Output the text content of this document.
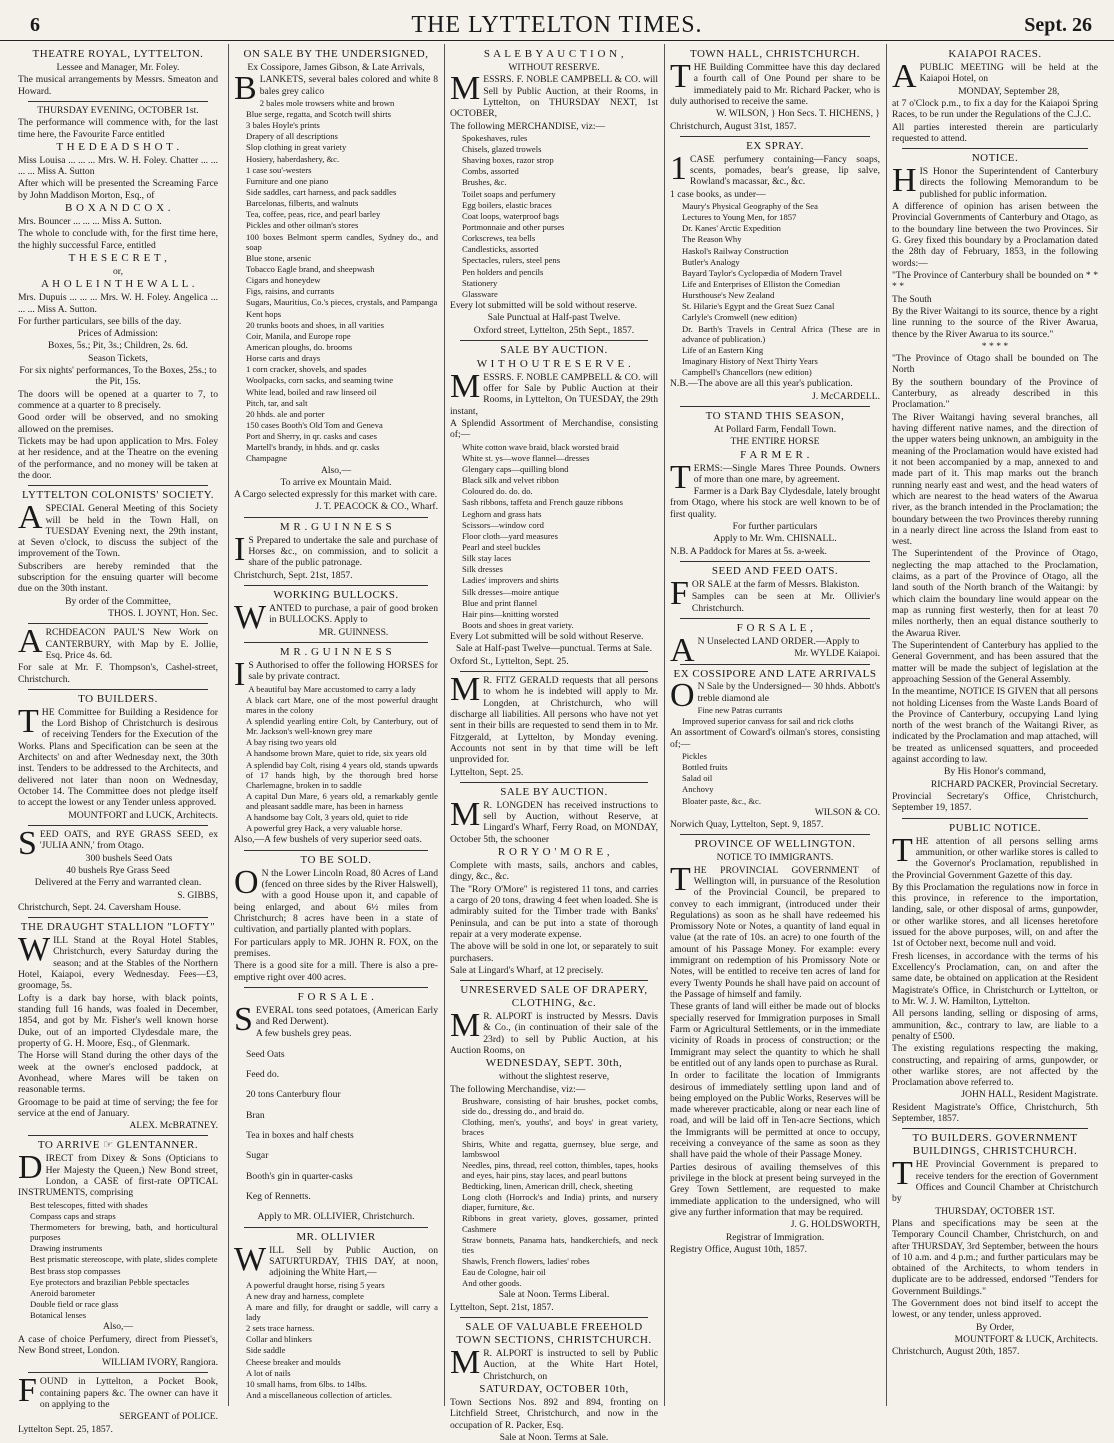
6	THE LYTTELTON TIMES.	Sept. 26

THEATRE ROYAL, LYTTELTON.

Lessee and Manager, Mr. Foley.

The musical arrangements by Messrs. Smeaton and Howard.

THURSDAY EVENING, OCTOBER 1st.

The performance will commence with, for the last time here, the Favourite Farce entitled

T H E D E A D S H O T .

Miss Louisa ... ... ... Mrs. W. H. Foley. Chatter ... ... ... ... Miss A. Sutton

After which will be presented the Screaming Farce by John Maddison Morton, Esq., of

B O X A N D C O X .

Mrs. Bouncer ... ... ... Miss A. Sutton.

The whole to conclude with, for the first time here, the highly successful Farce, entitled

T H E S E C R E T ,

or,

A H O L E I N T H E W A L L .

Mrs. Dupuis ... ... ... Mrs. W. H. Foley. Angelica ... ... ... Miss A. Sutton.

For further particulars, see bills of the day.

Prices of Admission:

Boxes, 5s.; Pit, 3s.; Children, 2s. 6d.

Season Tickets,

For six nights' performances, To the Boxes, 25s.; to the Pit, 15s.

The doors will be opened at a quarter to 7, to commence at a quarter to 8 precisely.

Good order will be observed, and no smoking allowed on the premises.

Tickets may be had upon application to Mrs. Foley at her residence, and at the Theatre on the evening of the performance, and no money will be taken at the door.

LYTTELTON COLONISTS' SOCIETY.

ASPECIAL General Meeting of this Society will be held in the Town Hall, on TUESDAY Evening next, the 29th instant, at Seven o'clock, to discuss the subject of the improvement of the Town.

Subscribers are hereby reminded that the subscription for the ensuing quarter will become due on the 30th instant.

By order of the Committee,

THOS. I. JOYNT, Hon. Sec.

ARCHDEACON PAUL'S New Work on CANTERBURY, with Map by E. Jollie, Esq. Price 4s. 6d.

For sale at Mr. F. Thompson's, Cashel-street, Christchurch.

TO BUILDERS.

THE Committee for Building a Residence for the Lord Bishop of Christchurch is desirous of receiving Tenders for the Execution of the Works. Plans and Specification can be seen at the Architects' on and after Wednesday next, the 30th inst. Tenders to be addressed to the Architects, and delivered not later than noon on Wednesday, October 14. The Committee does not pledge itself to accept the lowest or any Tender unless approved.

MOUNTFORT and LUCK, Architects.

SEED OATS, and RYE GRASS SEED, ex 'JULIA ANN,' from Otago.

300 bushels Seed Oats

40 bushels Rye Grass Seed

Delivered at the Ferry and warranted clean.

S. GIBBS,

Christchurch, Sept. 24. Caversham House.

THE DRAUGHT STALLION "LOFTY"

WILL Stand at the Royal Hotel Stables, Christchurch, every Saturday during the season; and at the Stables of the Northern Hotel, Kaiapoi, every Wednesday. Fees—£3, groomage, 5s.

Lofty is a dark bay horse, with black points, standing full 16 hands, was foaled in December, 1854, and got by Mr. Fisher's well known horse Duke, out of an imported Clydesdale mare, the property of G. H. Moore, Esq., of Glenmark.

The Horse will Stand during the other days of the week at the owner's enclosed paddock, at Avonhead, where Mares will be taken on reasonable terms.

Groomage to be paid at time of serving; the fee for service at the end of January.

ALEX. McBRATNEY.

TO ARRIVE ☞ GLENTANNER.

DIRECT from Dixey & Sons (Opticians to Her Majesty the Queen,) New Bond street, London, a CASE of first-rate OPTICAL INSTRUMENTS, comprising

Best telescopes, fitted with shades

Compass caps and straps

Thermometers for brewing, bath, and horticultural purposes

Drawing instruments

Best prismatic stereoscope, with plate, slides complete

Best brass stop compasses

Eye protectors and brazilian Pebble spectacles

Aneroid barometer

Double field or race glass

Botanical lenses

Also,—

A case of choice Perfumery, direct from Piesset's, New Bond street, London.

WILLIAM IVORY, Rangiora.

FOUND in Lyttelton, a Pocket Book, containing papers &c. The owner can have it on applying to the

SERGEANT of POLICE.

Lyttelton Sept. 25, 1857.

ON SALE BY THE UNDERSIGNED,

Ex Cossipore, James Gibson, & Late Arrivals,

BLANKETS, several bales colored and white 8 bales grey calico

2 bales mole trowsers white and brown

Blue serge, regatta, and Scotch twill shirts

3 bales Hoyle's prints

Drapery of all descriptions

Slop clothing in great variety

Hosiery, haberdashery, &c.

1 case sou'-westers

Furniture and one piano

Side saddles, cart harness, and pack saddles

Barcelonas, filberts, and walnuts

Tea, coffee, peas, rice, and pearl barley

Pickles and other oilman's stores

100 boxes Belmont sperm candles, Sydney do., and soap

Blue stone, arsenic

Tobacco Eagle brand, and sheepwash

Cigars and honeydew

Figs, raisins, and currants

Sugars, Mauritius, Co.'s pieces, crystals, and Pampanga

Kent hops

20 trunks boots and shoes, in all varities

Coir, Manila, and Europe rope

American ploughs, do. brooms

Horse carts and drays

1 corn cracker, shovels, and spades

Woolpacks, corn sacks, and seaming twine

White lead, boiled and raw linseed oil

Pitch, tar, and salt

20 hhds. ale and porter

150 cases Booth's Old Tom and Geneva

Port and Sherry, in qr. casks and cases

Martell's brandy, in hhds. and qr. casks

Champagne

Also,—

To arrive ex Mountain Maid.

A Cargo selected expressly for this market with care.

J. T. PEACOCK & CO., Wharf.

M R . G U I N N E S S

I S Prepared to undertake the sale and purchase of Horses &c., on commission, and to solicit a share of the public patronage.

Christchurch, Sept. 21st, 1857.

WORKING BULLOCKS.

WANTED to purchase, a pair of good broken in BULLOCKS. Apply to

MR. GUINNESS.

M R . G U I N N E S S

I S Authorised to offer the following HORSES for sale by private contract.

A beautiful bay Mare accustomed to carry a lady

A black cart Mare, one of the most powerful draught mares in the colony

A splendid yearling entire Colt, by Canterbury, out of Mr. Jackson's well-known grey mare

A bay rising two years old

A handsome brown Mare, quiet to ride, six years old

A splendid bay Colt, rising 4 years old, stands upwards of 17 hands high, by the thorough bred horse Charlemagne, broken in to saddle

A capital Dun Mare, 6 years old, a remarkably gentle and pleasant saddle mare, has been in harness

A handsome bay Colt, 3 years old, quiet to ride

A powerful grey Hack, a very valuable horse.

Also,—A few bushels of very superior seed oats.

TO BE SOLD.

O N the Lower Lincoln Road, 80 Acres of Land (fenced on three sides by the River Halswell), with a good House upon it, and capable of being enlarged, and about 6½ miles from Christchurch; 8 acres have been in a state of cultivation, and partially planted with poplars.

For particulars apply to MR. JOHN R. FOX, on the premises.

There is a good site for a mill. There is also a pre-emptive right over 400 acres.

F O R S A L E .

SEVERAL tons seed potatoes, (American Early and Red Derwent).

A few bushels grey peas.

Seed Oats

Feed do.

20 tons Canterbury flour

Bran

Tea in boxes and half chests

Sugar

Booth's gin in quarter-casks

Keg of Rennetts.

Apply to MR. OLLIVIER, Christchurch.

MR. OLLIVIER

WILL Sell by Public Auction, on SATURTURDAY, THIS DAY, at noon, adjoining the White Hart,—

A powerful draught horse, rising 5 years

A new dray and harness, complete

A mare and filly, for draught or saddle, will carry a lady

2 sets trace harness.

Collar and blinkers

Side saddle

Cheese breaker and moulds

A lot of nails

10 small hams, from 6lbs. to 14lbs.

And a miscellaneous collection of articles.

S A L E B Y A U C T I O N ,

WITHOUT RESERVE.

MESSRS. F. NOBLE CAMPBELL & CO. will Sell by Public Auction, at their Rooms, in Lyttelton, on THURSDAY NEXT, 1st OCTOBER,

The following MERCHANDISE, viz:—

Spokeshaves, rules

Chisels, glazed trowels

Shaving boxes, razor strop

Combs, assorted

Brushes, &c.

Toilet soaps and perfumery

Egg boilers, elastic braces

Coat loops, waterproof bags

Portmonnaie and other purses

Corkscrews, tea bells

Candlesticks, assorted

Spectacles, rulers, steel pens

Pen holders and pencils

Stationery

Glassware

Every lot submitted will be sold without reserve.

Sale Punctual at Half-past Twelve.

Oxford street, Lyttelton, 25th Sept., 1857.

SALE BY AUCTION.

W I T H O U T R E S E R V E .

MESSRS. F. NOBLE CAMPBELL & CO. will offer for Sale by Public Auction at their Rooms, in Lyttelton, On TUESDAY, the 29th instant,

A Splendid Assortment of Merchandise, consisting of;—

White cotton wave braid, black worsted braid

White st. ys—wove flannel—dresses

Glengary caps—quilling blond

Black silk and velvet ribbon

Coloured do. do. do.

Sash ribbons, taffeta and French gauze ribbons

Leghorn and grass hats

Scissors—window cord

Floor cloth—yard measures

Pearl and steel buckles

Silk stay laces

Silk dresses

Ladies' improvers and shirts

Silk dresses—moire antique

Blue and print flannel

Hair pins—knitting worsted

Boots and shoes in great variety.

Every Lot submitted will be sold without Reserve.

Sale at Half-past Twelve—punctual. Terms at Sale.

Oxford St., Lyttelton, Sept. 25.

M R. FITZ GERALD requests that all persons to whom he is indebted will apply to Mr. Longden, at Christchurch, who will discharge all liabilities. All persons who have not yet sent in their bills are requested to send them in to Mr. Fitzgerald, at Lyttelton, by Monday evening. Accounts not sent in by that time will be left unprovided for.

Lyttelton, Sept. 25.

SALE BY AUCTION.

M R. LONGDEN has received instructions to sell by Auction, without Reserve, at Lingard's Wharf, Ferry Road, on MONDAY, October 5th, the schooner

R O R Y O ' M O R E ,

Complete with masts, sails, anchors and cables, dingy, &c., &c.

The "Rory O'More" is registered 11 tons, and carries a cargo of 20 tons, drawing 4 feet when loaded. She is admirably suited for the Timber trade with Banks' Peninsula, and can be put into a state of thorough repair at a very moderate expense.

The above will be sold in one lot, or separately to suit purchasers.

Sale at Lingard's Wharf, at 12 precisely.

UNRESERVED SALE OF DRAPERY, CLOTHING, &c.

M R. ALPORT is instructed by Messrs. Davis & Co., (in continuation of their sale of the 23rd) to sell by Public Auction, at his Auction Rooms, on

WEDNESDAY, SEPT. 30th,

without the slightest reserve,

The following Merchandise, viz:—

Brushware, consisting of hair brushes, pocket combs, side do., dressing do., and braid do.

Clothing, men's, youths', and boys' in great variety, braces

Shirts, White and regatta, guernsey, blue serge, and lambswool

Needles, pins, thread, reel cotton, thimbles, tapes, hooks and eyes, hair pins, stay laces, and pearl buttons

Bedticking, linen, American drill, check, sheeting

Long cloth (Horrock's and India) prints, and nursery diaper, furniture, &c.

Ribbons in great variety, gloves, gossamer, printed Cashmere

Straw bonnets, Panama hats, handkerchiefs, and neck ties

Shawls, French flowers, ladies' robes

Eau de Cologne, hair oil

And other goods.

Sale at Noon. Terms Liberal.

Lyttelton, Sept. 21st, 1857.

SALE OF VALUABLE FREEHOLD TOWN SECTIONS, CHRISTCHURCH.

M R. ALPORT is instructed to sell by Public Auction, at the White Hart Hotel, Christchurch, on

SATURDAY, OCTOBER 10th,

Town Sections Nos. 892 and 894, fronting on Litchfield Street, Christchurch, and now in the occupation of R. Packer, Esq.

Sale at Noon. Terms at Sale.

TOWN HALL, CHRISTCHURCH.

THE Building Committee have this day declared a fourth call of One Pound per share to be immediately paid to Mr. Richard Packer, who is duly authorised to receive the same.

W. WILSON, } Hon Secs. T. HICHENS, }

Christchurch, August 31st, 1857.

EX SPRAY.

1 CASE perfumery containing—Fancy soaps, scents, pomades, bear's grease, lip salve, Rowland's macassar, &c., &c.

1 case books, as under—

Maury's Physical Geography of the Sea

Lectures to Young Men, for 1857

Dr. Kanes' Arctic Expedition

The Reason Why

Haskol's Railway Construction

Butler's Analogy

Bayard Taylor's Cyclopædia of Modern Travel

Life and Enterprises of Elliston the Comedian

Hursthouse's New Zealand

St. Hilarie's Egypt and the Great Suez Canal

Carlyle's Cromwell (new edition)

Dr. Barth's Travels in Central Africa (These are in advance of publication.)

Life of an Eastern King

Imaginary History of Next Thirty Years

Campbell's Chancellors (new edition)

N.B.—The above are all this year's publication.

J. McCARDELL.

TO STAND THIS SEASON,

At Pollard Farm, Fendall Town.

THE ENTIRE HORSE

F A R M E R .

TERMS:—Single Mares Three Pounds. Owners of more than one mare, by agreement.

Farmer is a Dark Bay Clydesdale, lately brought from Otago, where his stock are well known to be of first quality.

For further particulars

Apply to Mr. Wm. CHISNALL.

N.B. A Paddock for Mares at 5s. a-week.

SEED AND FEED OATS.

FOR SALE at the farm of Messrs. Blakiston.

Samples can be seen at Mr. Ollivier's Christchurch.

F O R S A L E ,

A N Unselected LAND ORDER.—Apply to

Mr. WYLDE Kaiapoi.

EX COSSIPORE AND LATE ARRIVALS

O N Sale by the Undersigned— 30 hhds. Abbott's treble diamond ale

Fine new Patras currants

Improved superior canvass for sail and rick cloths

An assortment of Coward's oilman's stores, consisting of;—

Pickles

Bottled fruits

Salad oil

Anchovy

Bloater paste, &c., &c.

WILSON & CO.

Norwich Quay, Lyttelton, Sept. 9, 1857.

PROVINCE OF WELLINGTON.

NOTICE TO IMMIGRANTS.

THE PROVINCIAL GOVERNMENT of Wellington will, in pursuance of the Resolution of the Provincial Council, be prepared to convey to each immigrant, (introduced under their Regulations) as soon as he shall have redeemed his Promissory Note or Notes, a quantity of land equal in value (at the rate of 10s. an acre) to one fourth of the amount of his Passage Money. For example: every immigrant on redemption of his Promissory Note or Notes, will be entitled to receive ten acres of land for every Twenty Pounds he shall have paid on account of the Passage of himself and family.

These grants of land will either be made out of blocks specially reserved for Immigration purposes in Small Farm or Agricultural Settlements, or in the immediate vicinity of Roads in process of construction; or the Immigrant may select the quantity to which he shall be entitled out of any lands open to purchase as Rural.

In order to facilitate the location of Immigrants desirous of immediately settling upon land and of being employed on the Public Works, Reserves will be made wherever practicable, along or near each line of road, and will be laid off in Ten-acre Sections, which the Immigrants will be permitted at once to occupy, receiving a conveyance of the same as soon as they shall have paid the whole of their Passage Money.

Parties desirous of availing themselves of this privilege in the block at present being surveyed in the Grey Town Settlement, are requested to make immediate application to the undersigned, who will give any further information that may be required.

J. G. HOLDSWORTH,

Registrar of Immigration.

Registry Office, August 10th, 1857.

KAIAPOI RACES.

APUBLIC MEETING will be held at the Kaiapoi Hotel, on

MONDAY, September 28,

at 7 o'Clock p.m., to fix a day for the Kaiapoi Spring Races, to be run under the Regulations of the C.J.C.

All parties interested therein are particularly requested to attend.

NOTICE.

HIS Honor the Superintendent of Canterbury directs the following Memorandum to be published for public information.

A difference of opinion has arisen between the Provincial Governments of Canterbury and Otago, as to the boundary line between the two Provinces. Sir G. Grey fixed this boundary by a Proclamation dated the 28th day of February, 1853, in the following words:—

"The Province of Canterbury shall be bounded on * * * *

The South

By the River Waitangi to its source, thence by a right line running to the source of the River Awarua, thence by the River Awarua to its source."

* * * *

"The Province of Otago shall be bounded on The North

By the southern boundary of the Province of Canterbury, as already described in this Proclamation."

The River Waitangi having several branches, all having different native names, and the direction of the upper waters being unknown, an ambiguity in the meaning of the Proclamation would have existed had it not been accompanied by a map, annexed to and made part of it. This map marks out the branch running nearly east and west, and the head waters of which are nearest to the head waters of the Awarua river, as the branch intended in the Proclamation; the boundary between the two Provinces thereby running in a nearly direct line across the Island from east to west.

The Superintendent of the Province of Otago, neglecting the map attached to the Proclamation, claims, as a part of the Province of Otago, all the land south of the North branch of the Waitangi: by which claim the boundary line would appear on the map as running first westerly, then for at least 70 miles northerly, then an equal distance southerly to the Awarua River.

The Superintendent of Canterbury has applied to the General Government, and has been assured that the matter will be made the subject of legislation at the approaching Session of the General Assembly.

In the meantime, NOTICE IS GIVEN that all persons not holding Licenses from the Waste Lands Board of the Province of Canterbury, occupying Land lying north of the west branch of the Waitangi River, as indicated by the Proclamation and map attached, will be treated as unlicensed squatters, and proceeded against according to law.

By His Honor's command,

RICHARD PACKER, Provincial Secretary.

Provincial Secretary's Office, Christchurch, September 19, 1857.

PUBLIC NOTICE.

THE attention of all persons selling arms ammunition, or other warlike stores is called to the Governor's Proclamation, republished in the Provincial Government Gazette of this day.

By this Proclamation the regulations now in force in this province, in reference to the importation, landing, sale, or other disposal of arms, gunpowder, or other warlike stores, and all licenses heretofore issued for the above purposes, will, on and after the 1st of October next, become null and void.

Fresh licenses, in accordance with the terms of his Excellency's Proclamation, can, on and after the same date, be obtained on application at the Resident Magistrate's Office, in Christchurch or Lyttelton, or to Mr. W. J. W. Hamilton, Lyttelton.

All persons landing, selling or disposing of arms, ammunition, &c., contrary to law, are liable to a penalty of £500.

The existing regulations respecting the making, constructing, and repairing of arms, gunpowder, or other warlike stores, are not affected by the Proclamation above referred to.

JOHN HALL, Resident Magistrate.

Resident Magistrate's Office, Christchurch, 5th September, 1857.

TO BUILDERS. GOVERNMENT BUILDINGS, CHRISTCHURCH.

THE Provincial Government is prepared to receive tenders for the erection of Government Offices and Council Chamber at Christchurch by

THURSDAY, OCTOBER 1ST.

Plans and specifications may be seen at the Temporary Council Chamber, Christchurch, on and after THURSDAY, 3rd September, between the hours of 10 a.m. and 4 p.m.; and further particulars may be obtained of the Architects, to whom tenders in duplicate are to be addressed, endorsed "Tenders for Government Buildings."

The Government does not bind itself to accept the lowest, or any tender, unless approved.

By Order,

MOUNTFORT & LUCK, Architects.

Christchurch, August 20th, 1857.
